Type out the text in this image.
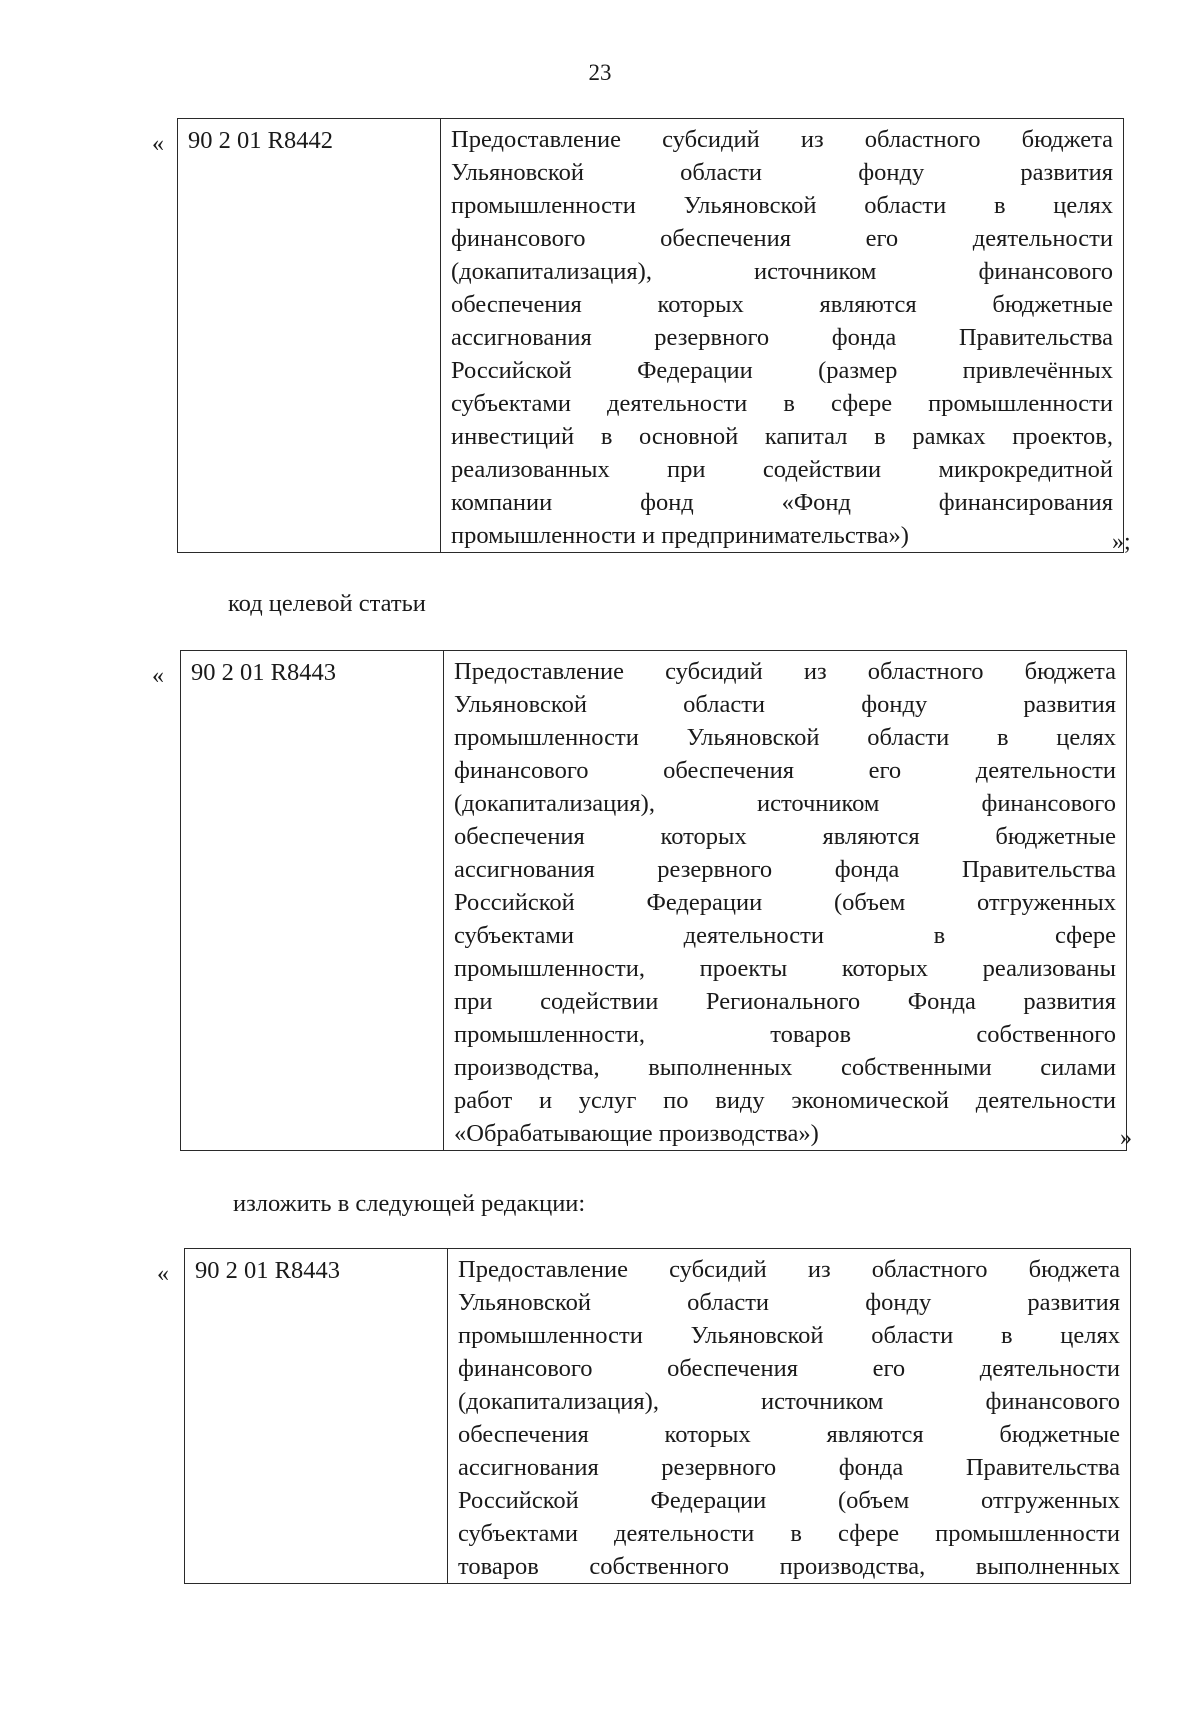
23
« 90 2 01 R8442	Предоставление субсидий из областного бюджета
Ульяновской области фонду развития
промышленности Ульяновской области в целях
финансового обеспечения его деятельности
(докапитализация), источником финансового
обеспечения которых являются бюджетные
ассигнования резервного фонда Правительства
Российской Федерации (размер привлечённых
субъектами деятельности в сфере промышленности
инвестиций в основной капитал в рамках проектов,
реализованных при содействии микрокредитной
компании фонд «Фонд финансирования
промышленности и предпринимательства»)	»;
код целевой статьи
« 90 2 01 R8443	Предоставление субсидий из областного бюджета
Ульяновской области фонду развития
промышленности Ульяновской области в целях
финансового обеспечения его деятельности
(докапитализация), источником финансового
обеспечения которых являются бюджетные
ассигнования резервного фонда Правительства
Российской Федерации (объем отгруженных
субъектами деятельности в сфере
промышленности, проекты которых реализованы
при содействии Регионального Фонда развития
промышленности, товаров собственного
производства, выполненных собственными силами
работ и услуг по виду экономической деятельности
«Обрабатывающие производства»)	»
изложить в следующей редакции:
« 90 2 01 R8443	Предоставление субсидий из областного бюджета
Ульяновской области фонду развития
промышленности Ульяновской области в целях
финансового обеспечения его деятельности
(докапитализация), источником финансового
обеспечения которых являются бюджетные
ассигнования резервного фонда Правительства
Российской Федерации (объем отгруженных
субъектами деятельности в сфере промышленности
товаров собственного производства, выполненных
